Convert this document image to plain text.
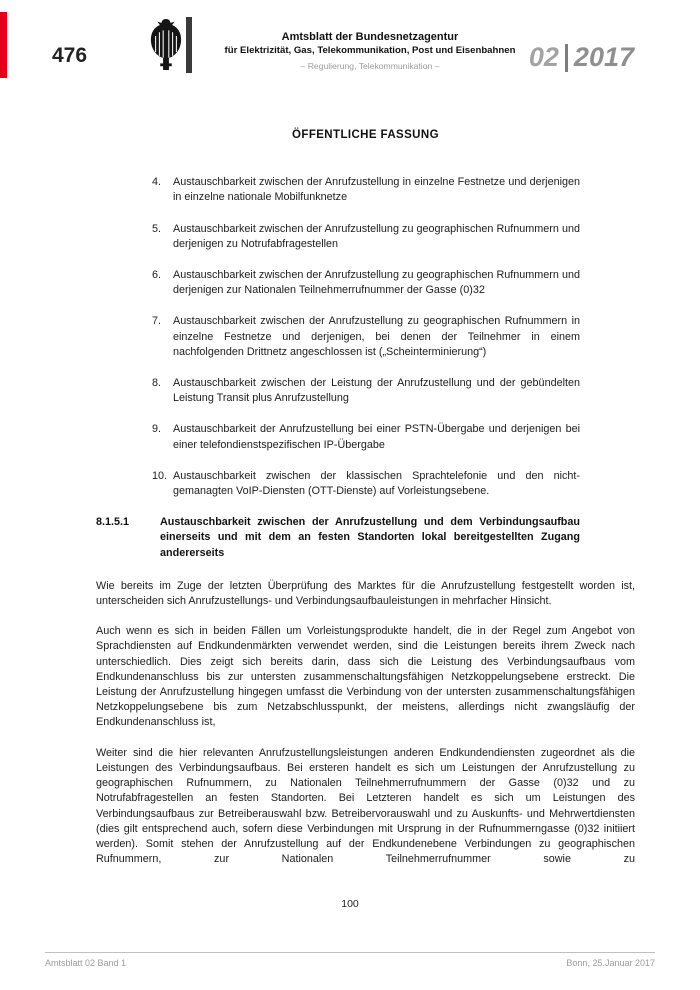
476
Amtsblatt der Bundesnetzagentur
für Elektrizität, Gas, Telekommunikation, Post und Eisenbahnen
– Regulierung, Telekommunikation –	02 2017
ÖFFENTLICHE FASSUNG
4.	Austauschbarkeit zwischen der Anrufzustellung in einzelne Festnetze und derjenigen in einzelne nationale Mobilfunknetze
5.	Austauschbarkeit zwischen der Anrufzustellung zu geographischen Rufnummern und derjenigen zu Notrufabfragestellen
6.	Austauschbarkeit zwischen der Anrufzustellung zu geographischen Rufnummern und derjenigen zur Nationalen Teilnehmerrufnummer der Gasse (0)32
7.	Austauschbarkeit zwischen der Anrufzustellung zu geographischen Rufnummern in einzelne Festnetze und derjenigen, bei denen der Teilnehmer in einem nachfolgenden Drittnetz angeschlossen ist („Scheinterminierung“)
8.	Austauschbarkeit zwischen der Leistung der Anrufzustellung und der gebündelten Leistung Transit plus Anrufzustellung
9.	Austauschbarkeit der Anrufzustellung bei einer PSTN-Übergabe und derjenigen bei einer telefondienstspezifischen IP-Übergabe
10. Austauschbarkeit zwischen der klassischen Sprachtelefonie und den nicht-gemanagten VoIP-Diensten (OTT-Dienste) auf Vorleistungsebene.
8.1.5.1	Austauschbarkeit zwischen der Anrufzustellung und dem Verbindungsaufbau einerseits und mit dem an festen Standorten lokal bereitgestellten Zugang andererseits

Wie bereits im Zuge der letzten Überprüfung des Marktes für die Anrufzustellung festgestellt worden ist, unterscheiden sich Anrufzustellungs- und Verbindungsaufbauleistungen in mehrfacher Hinsicht.

Auch wenn es sich in beiden Fällen um Vorleistungsprodukte handelt, die in der Regel zum Angebot von Sprachdiensten auf Endkundenmärkten verwendet werden, sind die Leistungen bereits ihrem Zweck nach unterschiedlich. Dies zeigt sich bereits darin, dass sich die Leistung des Verbindungsaufbaus vom Endkundenanschluss bis zur untersten zusammenschaltungsfähigen Netzkoppelungsebene erstreckt. Die Leistung der Anrufzustellung hingegen umfasst die Verbindung von der untersten zusammenschaltungsfähigen Netzkoppelungsebene bis zum Netzabschlusspunkt, der meistens, allerdings nicht zwangsläufig der Endkundenanschluss ist,

Weiter sind die hier relevanten Anrufzustellungsleistungen anderen Endkundendiensten zugeordnet als die Leistungen des Verbindungsaufbaus. Bei ersteren handelt es sich um Leistungen der Anrufzustellung zu geographischen Rufnummern, zu Nationalen Teilnehmerrufnummern der Gasse (0)32 und zu Notrufabfragestellen an festen Standorten. Bei Letzteren handelt es sich um Leistungen des Verbindungsaufbaus zur Betreiberauswahl bzw. Betreibervorauswahl und zu Auskunfts- und Mehrwertdiensten (dies gilt entsprechend auch, sofern diese Verbindungen mit Ursprung in der Rufnummerngasse (0)32 initiiert werden). Somit stehen der Anrufzustellung auf der Endkundenebene Verbindungen zu geographischen Rufnummern, zur Nationalen Teilnehmerrufnummer sowie zu

100
Amtsblatt 02 Band 1	Bonn, 25.Januar 2017
